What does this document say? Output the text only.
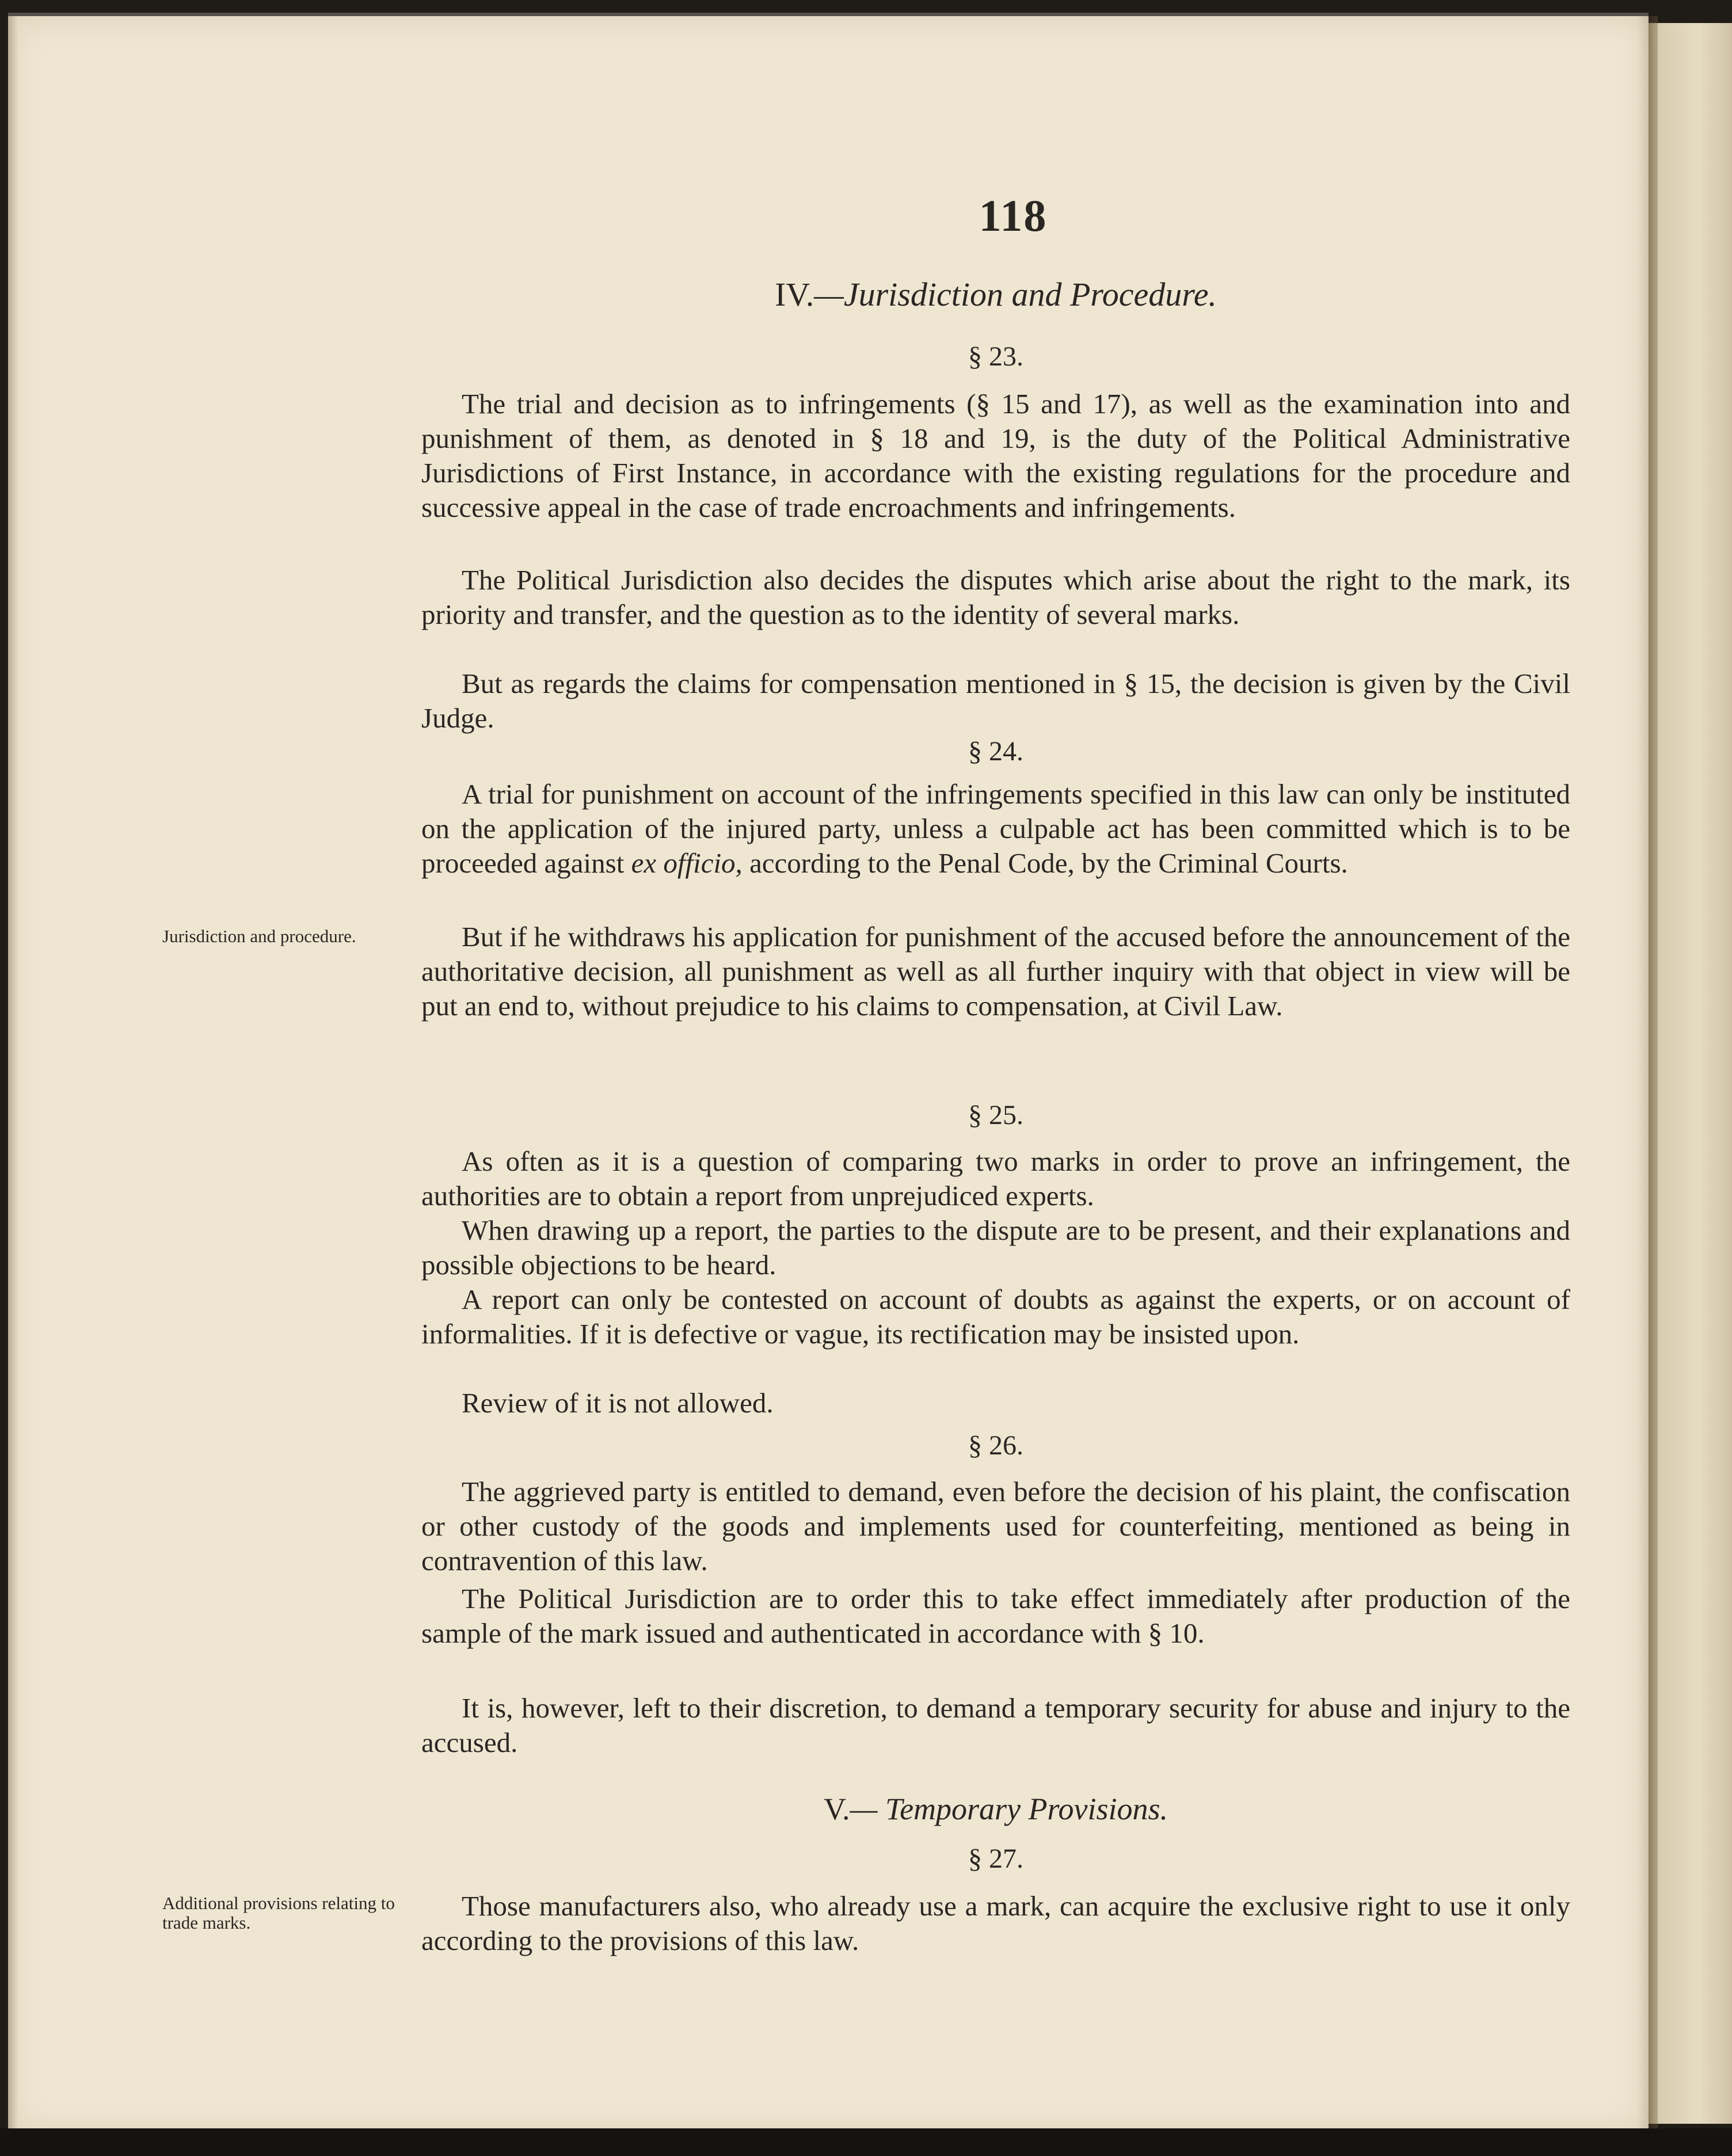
118
IV.—Jurisdiction and Procedure.
§ 23.

The trial and decision as to infringements (§ 15 and 17), as well as the examination into and punishment of them, as denoted in § 18 and 19, is the duty of the Political Administrative Jurisdictions of First Instance, in accordance with the existing regulations for the procedure and successive appeal in the case of trade encroachments and infringements.

The Political Jurisdiction also decides the disputes which arise about the right to the mark, its priority and transfer, and the question as to the identity of several marks.

But as regards the claims for compensation mentioned in § 15, the decision is given by the Civil Judge.

§ 24.

A trial for punishment on account of the infringements specified in this law can only be instituted on the application of the injured party, unless a culpable act has been committed which is to be proceeded against ex officio, according to the Penal Code, by the Criminal Courts.

But if he withdraws his application for punishment of the accused before the announcement of the authoritative decision, all punishment as well as all further inquiry with that object in view will be put an end to, without prejudice to his claims to compensation, at Civil Law.

§ 25.

As often as it is a question of comparing two marks in order to prove an infringement, the authorities are to obtain a report from unprejudiced experts.

When drawing up a report, the parties to the dispute are to be present, and their explanations and possible objections to be heard.

A report can only be contested on account of doubts as against the experts, or on account of informalities. If it is defective or vague, its rectification may be insisted upon.

Review of it is not allowed.

§ 26.

The aggrieved party is entitled to demand, even before the decision of his plaint, the confiscation or other custody of the goods and implements used for counterfeiting, mentioned as being in contravention of this law.

The Political Jurisdiction are to order this to take effect immediately after production of the sample of the mark issued and authenticated in accordance with § 10.

It is, however, left to their discretion, to demand a temporary security for abuse and injury to the accused.

V.— Temporary Provisions.
§ 27.

Those manufacturers also, who already use a mark, can acquire the exclusive right to use it only according to the provisions of this law.

Jurisdiction and procedure.

Additional provisions relating to trade marks.
